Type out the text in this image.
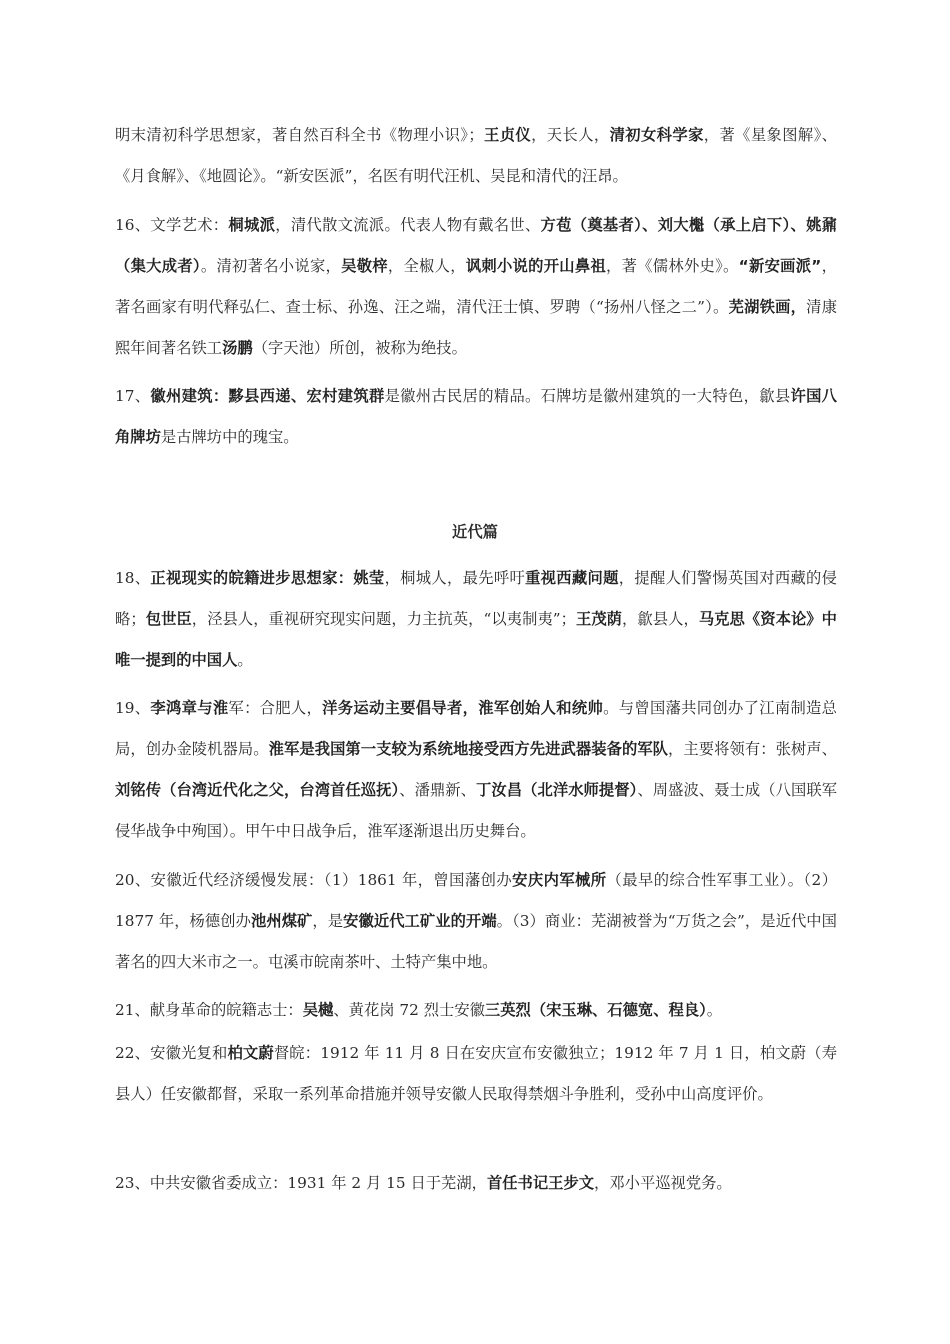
明末清初科学思想家，著自然百科全书《物理小识》；王贞仪，天长人，清初女科学家，著《星象图解》、《月食解》、《地圆论》。“新安医派”，名医有明代汪机、吴昆和清代的汪昂。

16、文学艺术：桐城派，清代散文流派。代表人物有戴名世、方苞（奠基者）、刘大櫆（承上启下）、姚鼐（集大成者）。清初著名小说家，吴敬梓，全椒人，讽刺小说的开山鼻祖，著《儒林外史》。“新安画派”，著名画家有明代释弘仁、查士标、孙逸、汪之端，清代汪士慎、罗聘（“扬州八怪之二”）。芜湖铁画，清康熙年间著名铁工汤鹏（字天池）所创，被称为绝技。

17、徽州建筑：黟县西递、宏村建筑群是徽州古民居的精品。石牌坊是徽州建筑的一大特色，歙县许国八角牌坊是古牌坊中的瑰宝。

近代篇

18、正视现实的皖籍进步思想家：姚莹，桐城人，最先呼吁重视西藏问题，提醒人们警惕英国对西藏的侵略；包世臣，泾县人，重视研究现实问题，力主抗英，“以夷制夷”；王茂荫，歙县人，马克思《资本论》中唯一提到的中国人。

19、李鸿章与淮军：合肥人，洋务运动主要倡导者，淮军创始人和统帅。与曾国藩共同创办了江南制造总局，创办金陵机器局。淮军是我国第一支较为系统地接受西方先进武器装备的军队，主要将领有：张树声、刘铭传（台湾近代化之父，台湾首任巡抚）、潘鼎新、丁汝昌（北洋水师提督）、周盛波、聂士成（八国联军侵华战争中殉国）。甲午中日战争后，淮军逐渐退出历史舞台。

20、安徽近代经济缓慢发展：（1）1861 年，曾国藩创办安庆内军械所（最早的综合性军事工业）。（2）1877 年，杨德创办池州煤矿，是安徽近代工矿业的开端。（3）商业：芜湖被誉为“万货之会”，是近代中国著名的四大米市之一。屯溪市皖南茶叶、土特产集中地。

21、献身革命的皖籍志士：吴樾、黄花岗 72 烈士安徽三英烈（宋玉琳、石德宽、程良）。

22、安徽光复和柏文蔚督皖：1912 年 11 月 8 日在安庆宣布安徽独立；1912 年 7 月 1 日，柏文蔚（寿县人）任安徽都督，采取一系列革命措施并领导安徽人民取得禁烟斗争胜利，受孙中山高度评价。

23、中共安徽省委成立：1931 年 2 月 15 日于芜湖，首任书记王步文，邓小平巡视党务。
